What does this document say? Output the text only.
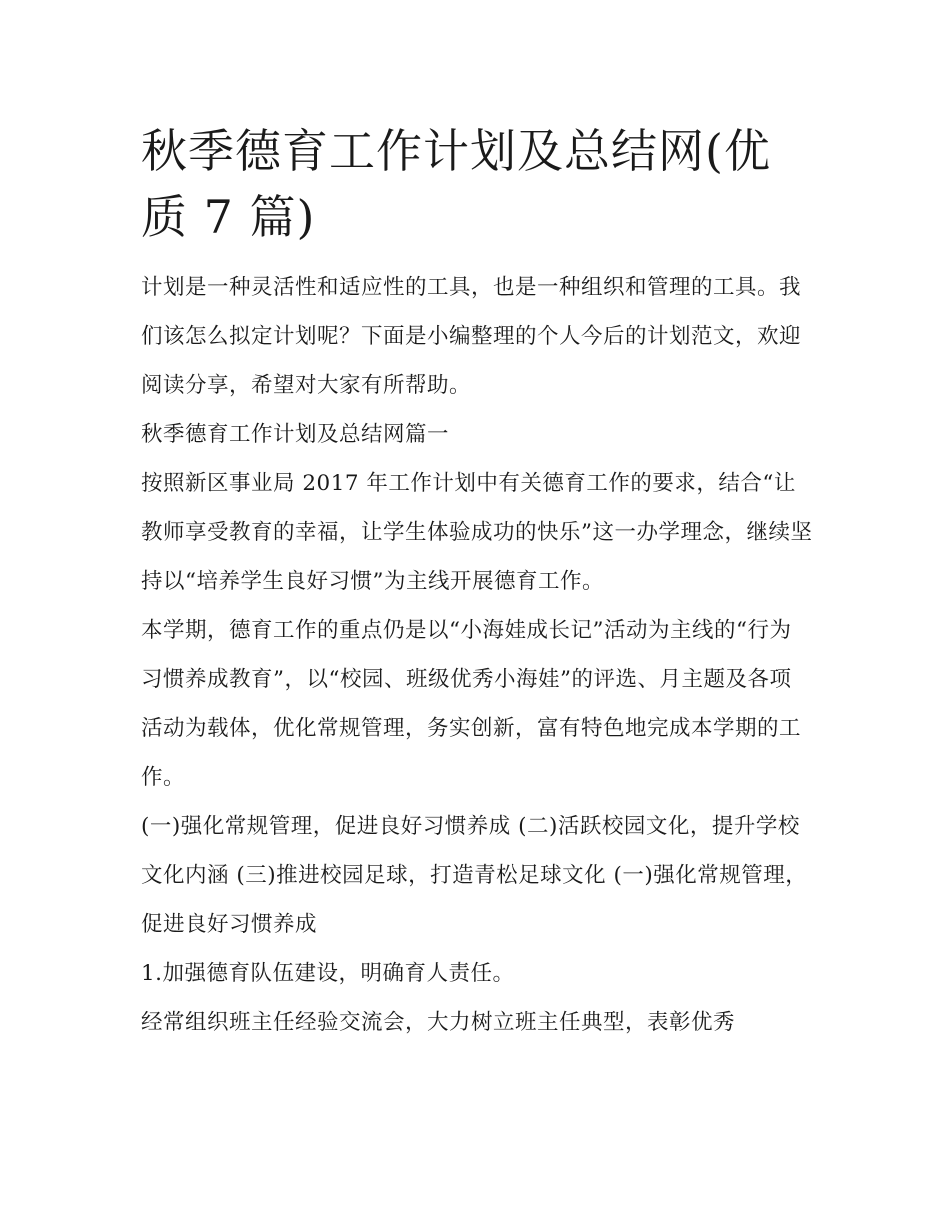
秋季德育工作计划及总结网(优质 7 篇)

计划是一种灵活性和适应性的工具，也是一种组织和管理的工具。我们该怎么拟定计划呢？下面是小编整理的个人今后的计划范文，欢迎阅读分享，希望对大家有所帮助。

秋季德育工作计划及总结网篇一

按照新区事业局 2017 年工作计划中有关德育工作的要求，结合“让教师享受教育的幸福，让学生体验成功的快乐”这一办学理念，继续坚持以“培养学生良好习惯”为主线开展德育工作。

本学期，德育工作的重点仍是以“小海娃成长记”活动为主线的“行为习惯养成教育”，以“校园、班级优秀小海娃”的评选、月主题及各项活动为载体，优化常规管理，务实创新，富有特色地完成本学期的工作。

(一)强化常规管理，促进良好习惯养成 (二)活跃校园文化，提升学校文化内涵 (三)推进校园足球，打造青松足球文化 (一)强化常规管理，促进良好习惯养成

1.加强德育队伍建设，明确育人责任。

经常组织班主任经验交流会，大力树立班主任典型，表彰优秀
